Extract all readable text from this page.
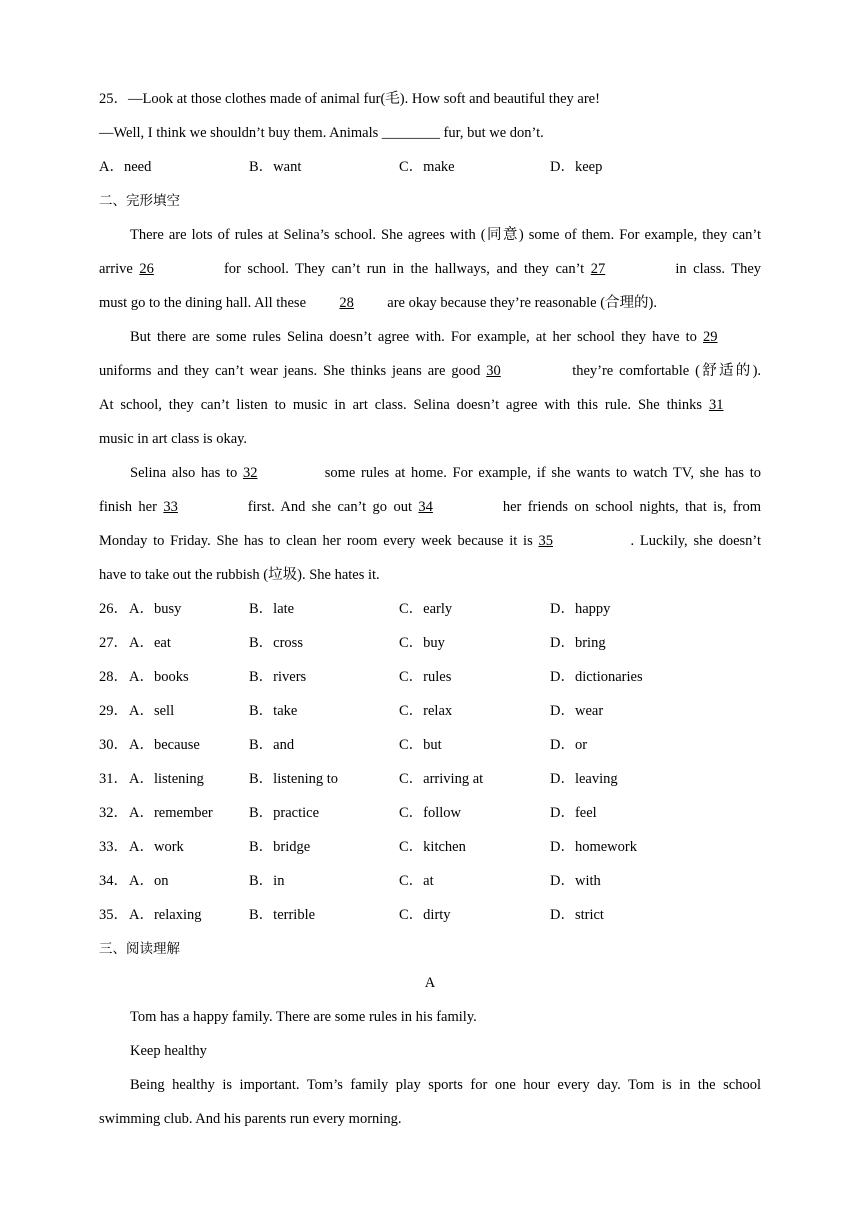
25．—Look at those clothes made of animal fur(毛). How soft and beautiful they are!
—Well, I think we shouldn’t buy them. Animals ________ fur, but we don’t.
A．need	B．want	C．make	D．keep
二、完形填空
There are lots of rules at Selina’s school. She agrees with (同意) some of them. For example, they can’t
arrive 26	for school. They can’t run in the hallways, and they can’t 27	in class. They
must go to the dining hall. All these 28 are okay because they’re reasonable (合理的).
But there are some rules Selina doesn’t agree with. For example, at her school they have to 29
uniforms and they can’t wear jeans. She thinks jeans are good 30	they’re comfortable (舒适的).
At school, they can’t listen to music in art class. Selina doesn’t agree with this rule. She thinks 31
music in art class is okay.
Selina also has to 32	some rules at home. For example, if she wants to watch TV, she has to
finish her 33	first. And she can’t go out 34	her friends on school nights, that is, from
Monday to Friday. She has to clean her room every week because it is 35	. Luckily, she doesn’t
have to take out the rubbish (垃圾). She hates it.
26．A．busy	B．late	C．early	D．happy
27．A．eat	B．cross	C．buy	D．bring
28．A．books	B．rivers	C．rules	D．dictionaries
29．A．sell	B．take	C．relax	D．wear
30．A．because	B．and	C．but	D．or
31．A．listening	B．listening to	C．arriving at	D．leaving
32．A．remember	B．practice	C．follow	D．feel
33．A．work	B．bridge	C．kitchen	D．homework
34．A．on	B．in	C．at	D．with
35．A．relaxing	B．terrible	C．dirty	D．strict
三、阅读理解
A
Tom has a happy family. There are some rules in his family.
Keep healthy
Being healthy is important. Tom’s family play sports for one hour every day. Tom is in the school
swimming club. And his parents run every morning.
